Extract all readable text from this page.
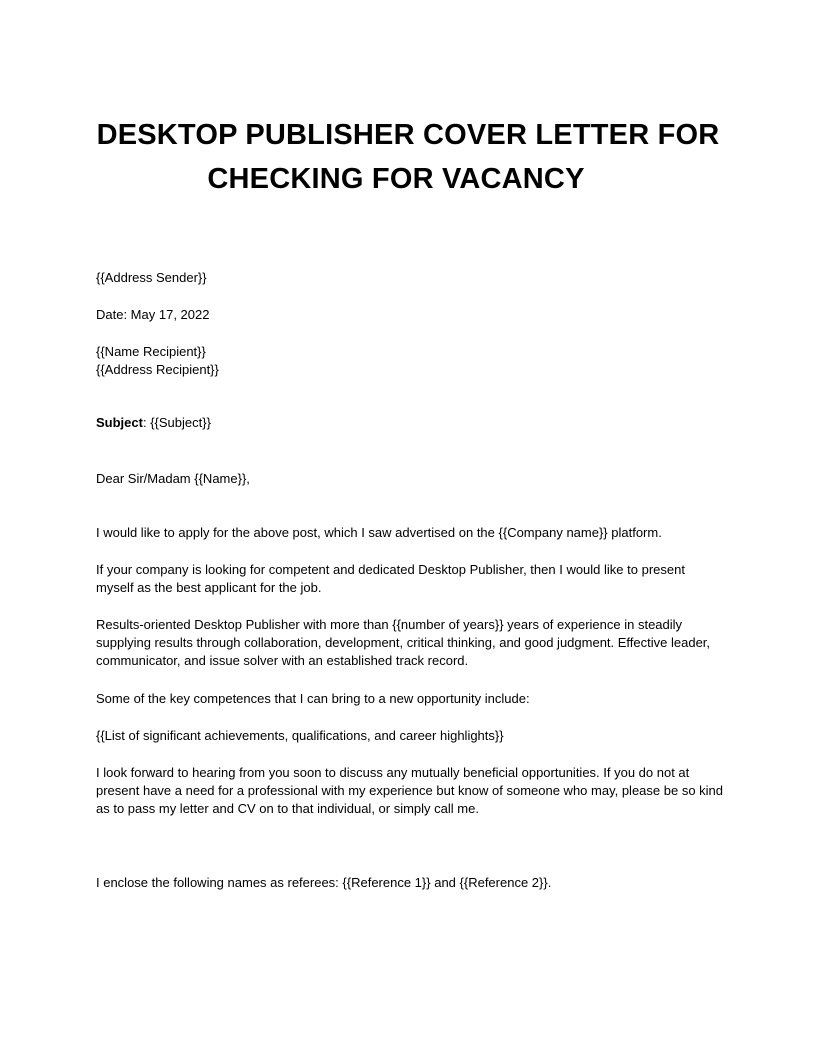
DESKTOP PUBLISHER COVER LETTER FOR
CHECKING FOR VACANCY
{{Address Sender}}
Date: May 17, 2022
{{Name Recipient}}
{{Address Recipient}}
Subject: {{Subject}}
Dear Sir/Madam {{Name}},
I would like to apply for the above post, which I saw advertised on the {{Company name}} platform.
If your company is looking for competent and dedicated Desktop Publisher, then I would like to present myself as the best applicant for the job.
Results-oriented Desktop Publisher with more than {{number of years}} years of experience in steadily supplying results through collaboration, development, critical thinking, and good judgment. Effective leader, communicator, and issue solver with an established track record.
Some of the key competences that I can bring to a new opportunity include:
{{List of significant achievements, qualifications, and career highlights}}
I look forward to hearing from you soon to discuss any mutually beneficial opportunities. If you do not at present have a need for a professional with my experience but know of someone who may, please be so kind as to pass my letter and CV on to that individual, or simply call me.
I enclose the following names as referees: {{Reference 1}} and {{Reference 2}}.
